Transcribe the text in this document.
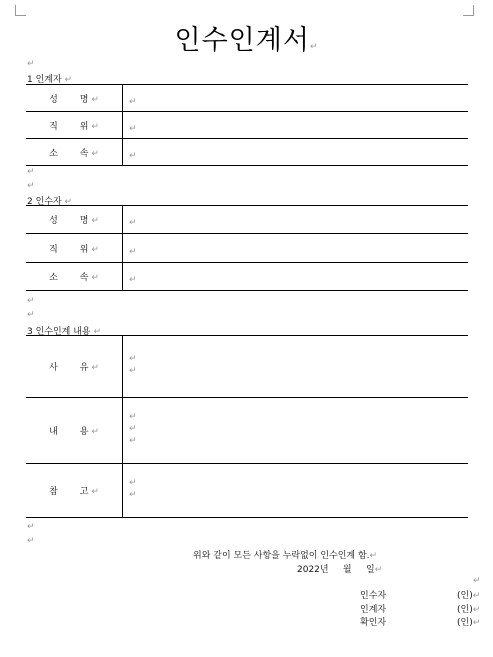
인수인계서↵
↵
1 인계자 ↵
성 명 ↵	↵
직 위 ↵	↵
소 속 ↵	↵
↵
↵
2 인수자 ↵
성 명 ↵	↵
직 위 ↵	↵
소 속 ↵	↵
↵
↵
3 인수인계 내용 ↵
사 유 ↵	↵
↵

내 용 ↵	↵
↵
↵

참 고 ↵	↵
↵
↵
↵
위와 같이 모든 사항을 누락없이 인수인계 함.↵
2022년 월 일↵
↵
인수자	(인)↵
인계자	(인)↵
확인자	(인)↵
